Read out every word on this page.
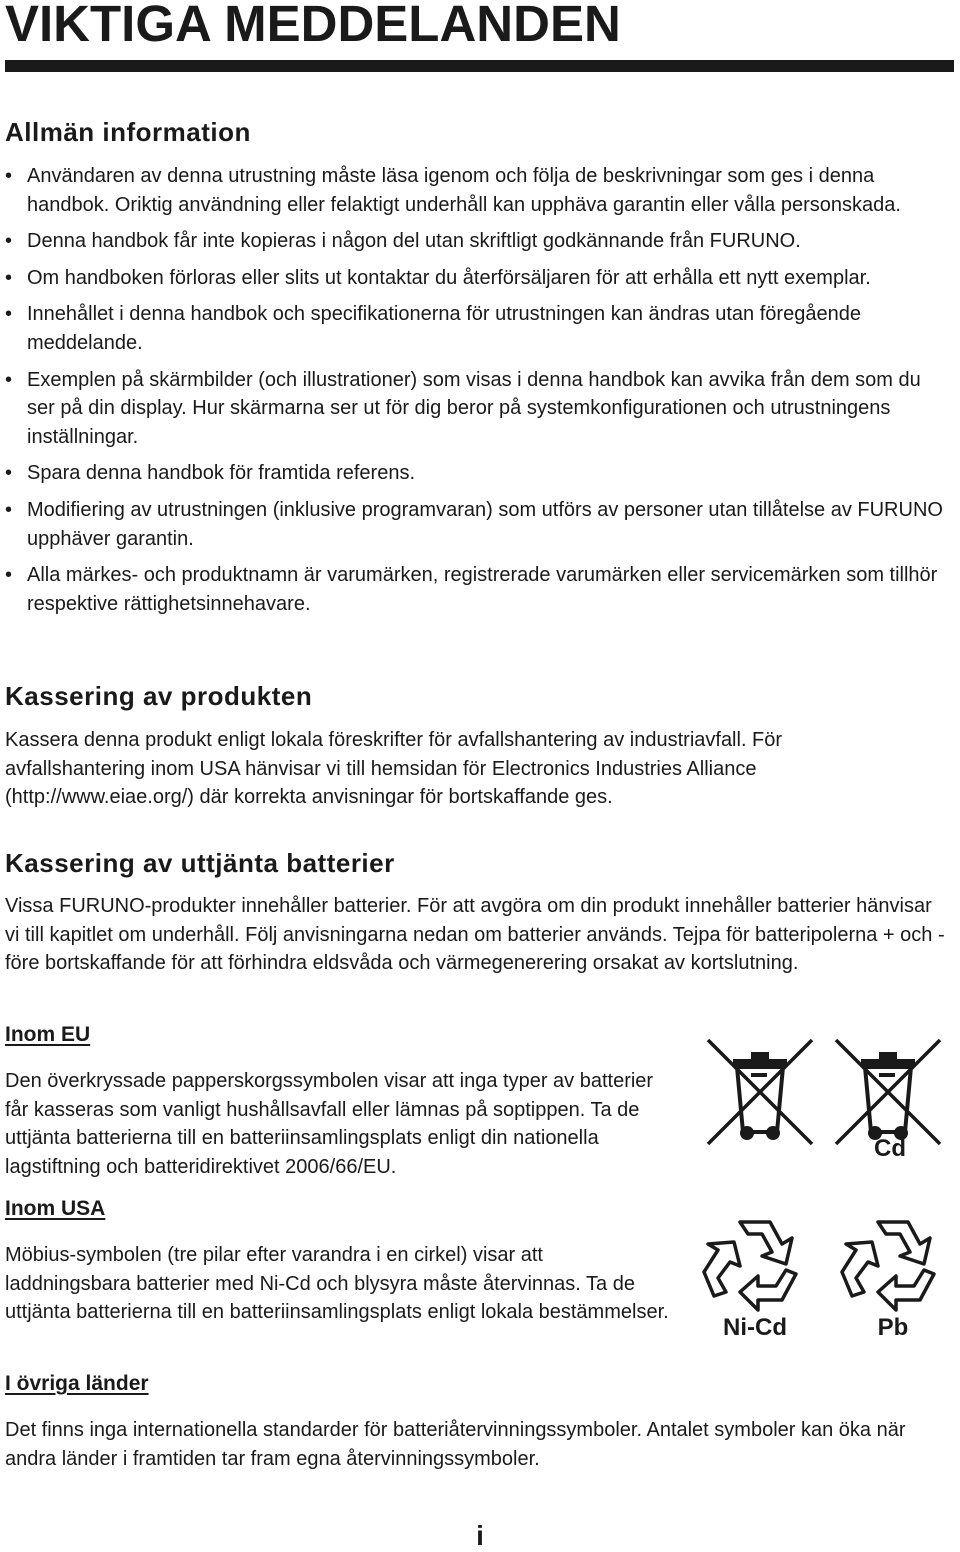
VIKTIGA MEDDELANDEN
Allmän information
• Användaren av denna utrustning måste läsa igenom och följa de beskrivningar som ges i denna handbok. Oriktig användning eller felaktigt underhåll kan upphäva garantin eller vålla personskada.
• Denna handbok får inte kopieras i någon del utan skriftligt godkännande från FURUNO.
• Om handboken förloras eller slits ut kontaktar du återförsäljaren för att erhålla ett nytt exemplar.
• Innehållet i denna handbok och specifikationerna för utrustningen kan ändras utan föregående meddelande.
• Exemplen på skärmbilder (och illustrationer) som visas i denna handbok kan avvika från dem som du ser på din display. Hur skärmarna ser ut för dig beror på systemkonfigurationen och utrustningens inställningar.
• Spara denna handbok för framtida referens.
• Modifiering av utrustningen (inklusive programvaran) som utförs av personer utan tillåtelse av FURUNO upphäver garantin.
• Alla märkes- och produktnamn är varumärken, registrerade varumärken eller servicemärken som tillhör respektive rättighetsinnehavare.
Kassering av produkten

Kassera denna produkt enligt lokala föreskrifter för avfallshantering av industriavfall. För avfallshantering inom USA hänvisar vi till hemsidan för Electronics Industries Alliance (http://www.eiae.org/) där korrekta anvisningar för bortskaffande ges.

Kassering av uttjänta batterier

Vissa FURUNO-produkter innehåller batterier. För att avgöra om din produkt innehåller batterier hänvisar vi till kapitlet om underhåll. Följ anvisningarna nedan om batterier används. Tejpa för batteripolerna + och - före bortskaffande för att förhindra eldsvåda och värmegenerering orsakat av kortslutning.

Inom EU

Den överkryssade papperskorgssymbolen visar att inga typer av batterier får kasseras som vanligt hushållsavfall eller lämnas på soptippen. Ta de uttjänta batterierna till en batteriinsamlingsplats enligt din nationella lagstiftning och batteridirektivet 2006/66/EU.

Inom USA

Möbius-symbolen (tre pilar efter varandra i en cirkel) visar att laddningsbara batterier med Ni-Cd och blysyra måste återvinnas. Ta de uttjänta batterierna till en batteriinsamlingsplats enligt lokala bestämmelser.

I övriga länder

Det finns inga internationella standarder för batteriåtervinningssymboler. Antalet symboler kan öka när andra länder i framtiden tar fram egna återvinningssymboler.

Cd
Ni-Cd	Pb
i
